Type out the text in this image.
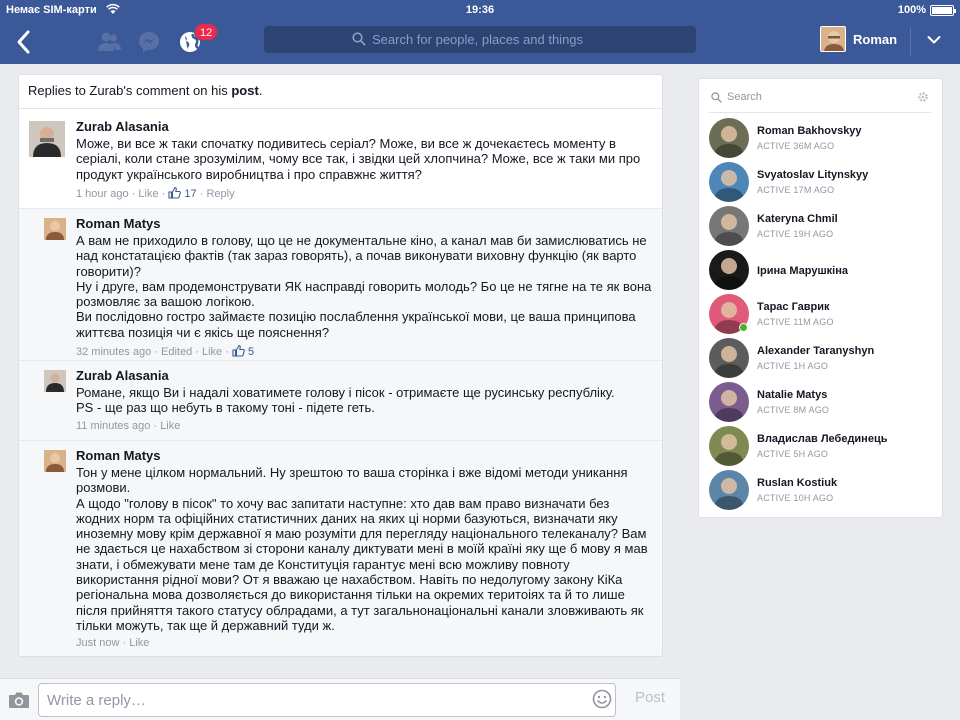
Немає SIM-карти	19:36	100%
12	Search for people, places and things	Roman
Replies to Zurab's comment on his post.
Zurab Alasania
Може, ви все ж таки спочатку подивитесь серіал? Може, ви все ж дочекаєтесь моменту в серіалі, коли стане зрозумілим, чому все так, і звідки цей хлопчина? Може, все ж таки ми про продукт українського виробництва і про справжнє життя?
1 hour ago · Like ·  17 · Reply
Roman Matys
А вам не приходило в голову, що це не документальне кіно, а канал мав би замислюватись не над констатацією фактів (так зараз говорять), а почав виконувати виховну функцію (як варто говорити)?
Ну і друге, вам продемонструвати ЯК насправді говорить молодь? Бо це не тягне на те як вона розмовляє за вашою логікою.
Ви послідовно гостро займаєте позицію послаблення української мови, це ваша принципова життєва позиція чи є якісь ще пояснення?
32 minutes ago · Edited · Like ·  5
Zurab Alasania
Романе, якщо Ви і надалі ховатимете голову і пісок - отримаєте ще русинську республіку.
PS - ще раз що небуть в такому тоні - підете геть.
11 minutes ago · Like
Roman Matys
Тон у мене цілком нормальний. Ну зрештою то ваша сторінка і вже відомі методи уникання розмови.
А щодо "голову в пісок" то хочу вас запитати наступне: хто дав вам право визначати без жодних норм та офіційних статистичних даних на яких ці норми базуються, визначати яку иноземну мову крім державної я маю розуміти для перегляду національного телеканалу? Вам не здається це нахабством зі сторони каналу диктувати мені в моїй країні яку ще б мову я мав знати, і обмежувати мене там де Конституція гарантує мені всю можливу повноту використання рідної мови? От я вважаю це нахабством. Навіть по недолугому закону КіКа регіональна мова дозволяється до використання тільки на окремих теритоіях та й то лише після прийняття такого статусу облрадами, а тут загальнонаціональні канали зловживають як тільки можуть, так ще й державний туди ж.
Just now · Like
Write a reply…
Post
Search
Roman Bakhovskyy
ACTIVE 36M AGO
Svyatoslav Litynskyy
ACTIVE 17M AGO
Kateryna Chmil
ACTIVE 19H AGO
Ірина Марушкіна
Тарас Гаврик
ACTIVE 11M AGO
Alexander Taranyshyn
ACTIVE 1H AGO
Natalie Matys
ACTIVE 8M AGO
Владислав Лебединець
ACTIVE 5H AGO
Ruslan Kostiuk
ACTIVE 10H AGO
